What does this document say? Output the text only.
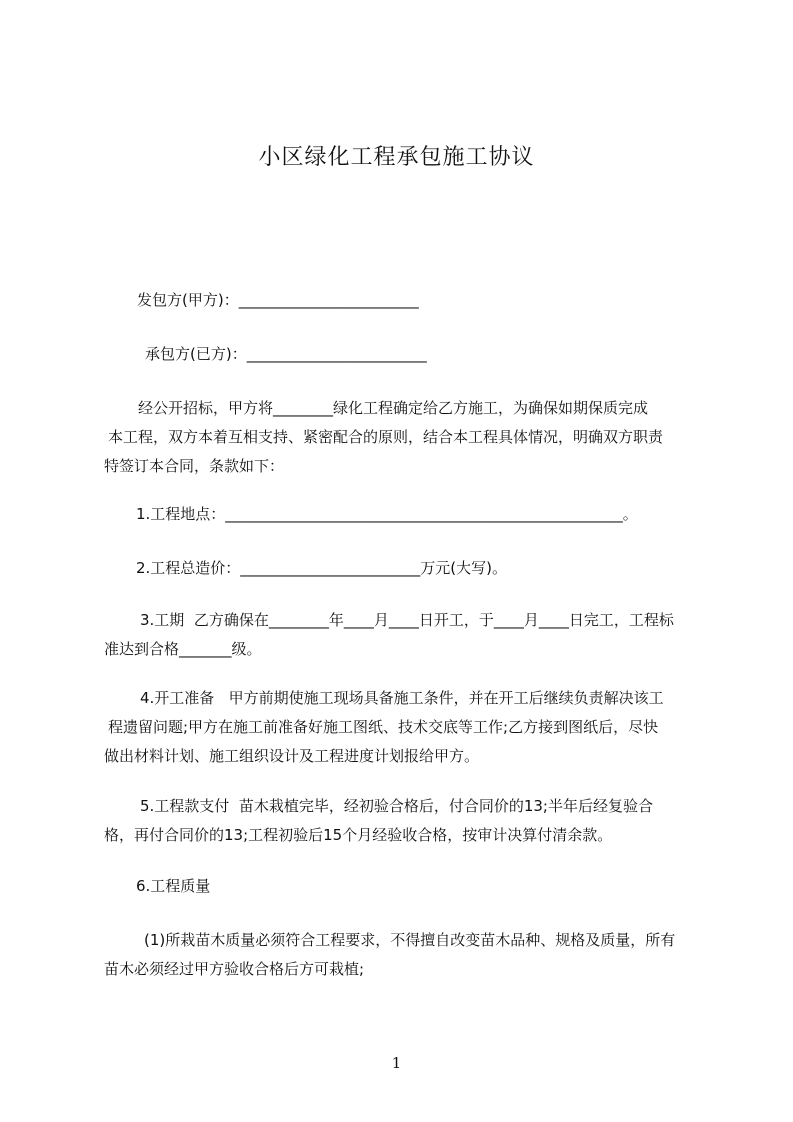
小区绿化工程承包施工协议
发包方(甲方)：________________________
承包方(已方)：________________________

经公开招标，甲方将________绿化工程确定给乙方施工，为确保如期保质完成

本工程，双方本着互相支持、紧密配合的原则，结合本工程具体情况，明确双方职责

特签订本合同，条款如下：

1.工程地点：_____________________________________________________。
2.工程总造价：________________________万元(大写)。

3.工期  乙方确保在________年____月____日开工，于____月____日完工，工程标

准达到合格_______级。

4.开工准备   甲方前期使施工现场具备施工条件，并在开工后继续负责解决该工

程遗留问题;甲方在施工前准备好施工图纸、技术交底等工作;乙方接到图纸后，尽快

做出材料计划、施工组织设计及工程进度计划报给甲方。

5.工程款支付  苗木栽植完毕，经初验合格后，付合同价的13;半年后经复验合

格，再付合同价的13;工程初验后15个月经验收合格，按审计决算付清余款。

6.工程质量

(1)所栽苗木质量必须符合工程要求，不得擅自改变苗木品种、规格及质量，所有

苗木必须经过甲方验收合格后方可栽植;

1
